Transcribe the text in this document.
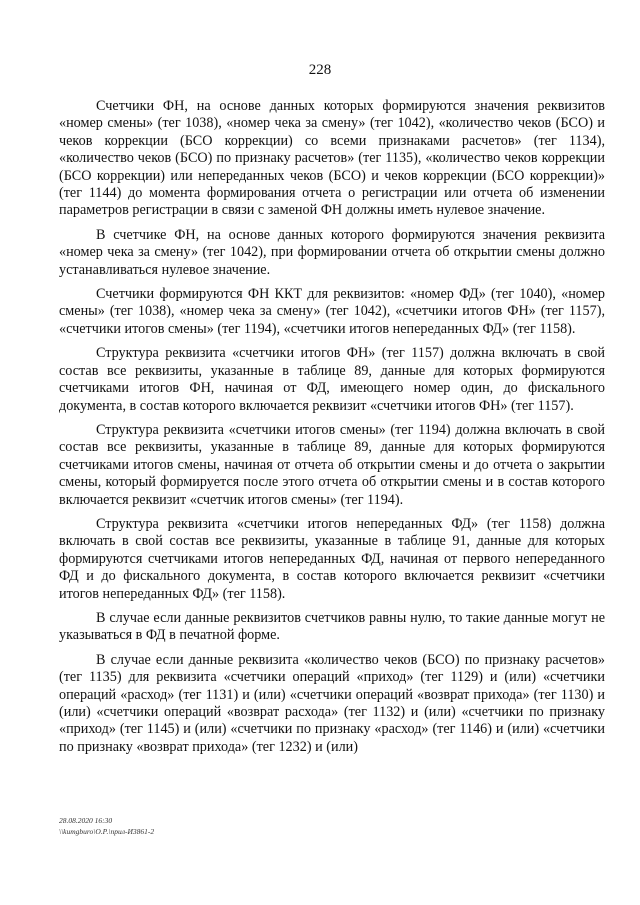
228

Счетчики ФН, на основе данных которых формируются значения реквизитов «номер смены» (тег 1038), «номер чека за смену» (тег 1042), «количество чеков (БСО) и чеков коррекции (БСО коррекции) со всеми признаками расчетов» (тег 1134), «количество чеков (БСО) по признаку расчетов» (тег 1135), «количество чеков коррекции (БСО коррекции) или непереданных чеков (БСО) и чеков коррекции (БСО коррекции)» (тег 1144) до момента формирования отчета о регистрации или отчета об изменении параметров регистрации в связи с заменой ФН должны иметь нулевое значение.

В счетчике ФН, на основе данных которого формируются значения реквизита «номер чека за смену» (тег 1042), при формировании отчета об открытии смены должно устанавливаться нулевое значение.

Счетчики формируются ФН ККТ для реквизитов: «номер ФД» (тег 1040), «номер смены» (тег 1038), «номер чека за смену» (тег 1042), «счетчики итогов ФН» (тег 1157), «счетчики итогов смены» (тег 1194), «счетчики итогов непереданных ФД» (тег 1158).

Структура реквизита «счетчики итогов ФН» (тег 1157) должна включать в свой состав все реквизиты, указанные в таблице 89, данные для которых формируются счетчиками итогов ФН, начиная от ФД, имеющего номер один, до фискального документа, в состав которого включается реквизит «счетчики итогов ФН» (тег 1157).

Структура реквизита «счетчики итогов смены» (тег 1194) должна включать в свой состав все реквизиты, указанные в таблице 89, данные для которых формируются счетчиками итогов смены, начиная от отчета об открытии смены и до отчета о закрытии смены, который формируется после этого отчета об открытии смены и в состав которого включается реквизит «счетчик итогов смены» (тег 1194).

Структура реквизита «счетчики итогов непереданных ФД» (тег 1158) должна включать в свой состав все реквизиты, указанные в таблице 91, данные для которых формируются счетчиками итогов непереданных ФД, начиная от первого непереданного ФД и до фискального документа, в состав которого включается реквизит «счетчики итогов непереданных ФД» (тег 1158).

В случае если данные реквизитов счетчиков равны нулю, то такие данные могут не указываться в ФД в печатной форме.

В случае если данные реквизита «количество чеков (БСО) по признаку расчетов» (тег 1135) для реквизита «счетчики операций «приход» (тег 1129) и (или) «счетчики операций «расход» (тег 1131) и (или) «счетчики операций «возврат прихода» (тег 1130) и (или) «счетчики операций «возврат расхода» (тег 1132) и (или) «счетчики по признаку «приход» (тег 1145) и (или) «счетчики по признаку «расход» (тег 1146) и (или) «счетчики по признаку «возврат прихода» (тег 1232) и (или)

28.08.2020 16:30
\\kumgburo\О.Р.\прил-И3861-2
